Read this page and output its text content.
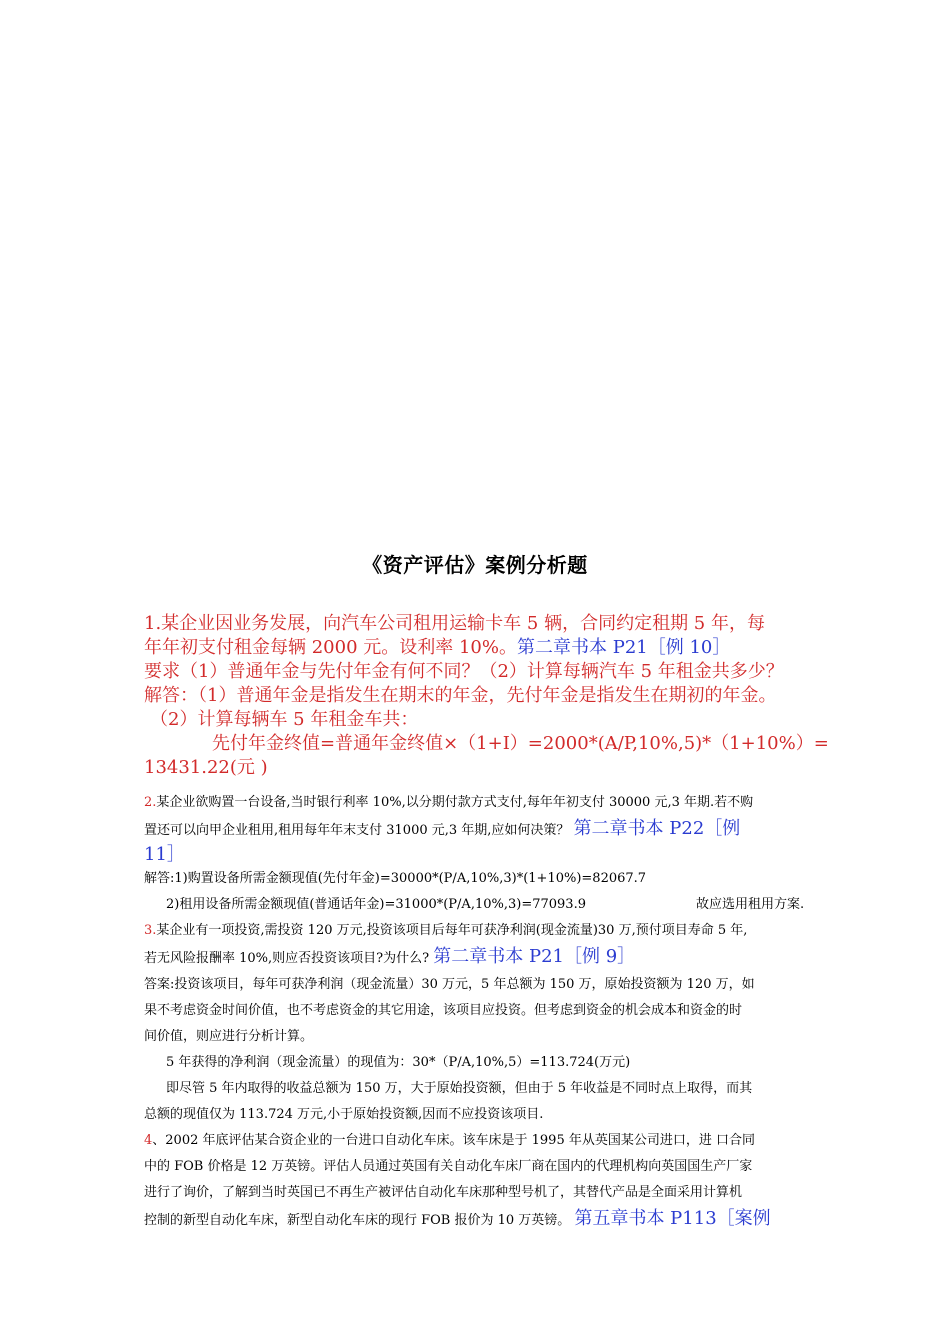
《资产评估》案例分析题

1.某企业因业务发展，向汽车公司租用运输卡车 5 辆，合同约定租期 5 年，每

年年初支付租金每辆 2000 元。设利率 10%。第二章书本 P21［例 10］

要求（1）普通年金与先付年金有何不同？（2）计算每辆汽车 5 年租金共多少？

解答：（1）普通年金是指发生在期末的年金，先付年金是指发生在期初的年金。

（2）计算每辆车 5 年租金车共：

先付年金终值=普通年金终值×（1+I）=2000*(A/P,10%,5)*（1+10%）=

13431.22(元 )

2.某企业欲购置一台设备,当时银行利率 10%,以分期付款方式支付,每年年初支付 30000 元,3 年期.若不购

置还可以向甲企业租用,租用每年年末支付 31000 元,3 年期,应如何决策？ 第二章书本 P22［例

11］

解答:1)购置设备所需金额现值(先付年金)=30000*(P/A,10%,3)*(1+10%)=82067.7

2)租用设备所需金额现值(普通话年金)=31000*(P/A,10%,3)=77093.9	故应选用租用方案.

3.某企业有一项投资,需投资 120 万元,投资该项目后每年可获净利润(现金流量)30 万,预付项目寿命 5 年,

若无风险报酬率 10%,则应否投资该项目?为什么? 第二章书本 P21［例 9］

答案:投资该项目，每年可获净利润（现金流量）30 万元，5 年总额为 150 万，原始投资额为 120 万，如

果不考虑资金时间价值，也不考虑资金的其它用途，该项目应投资。但考虑到资金的机会成本和资金的时

间价值，则应进行分析计算。

5 年获得的净利润（现金流量）的现值为：30*（P/A,10%,5）=113.724(万元)

即尽管 5 年内取得的收益总额为 150 万，大于原始投资额，但由于 5 年收益是不同时点上取得，而其

总额的现值仅为 113.724 万元,小于原始投资额,因而不应投资该项目.

4、2002 年底评估某合资企业的一台进口自动化车床。该车床是于 1995 年从英国某公司进口，进 口合同

中的 FOB 价格是 12 万英镑。评估人员通过英国有关自动化车床厂商在国内的代理机构向英国国生产厂家

进行了询价，了解到当时英国已不再生产被评估自动化车床那种型号机了，其替代产品是全面采用计算机

控制的新型自动化车床，新型自动化车床的现行 FOB 报价为 10 万英镑。 第五章书本 P113［案例
